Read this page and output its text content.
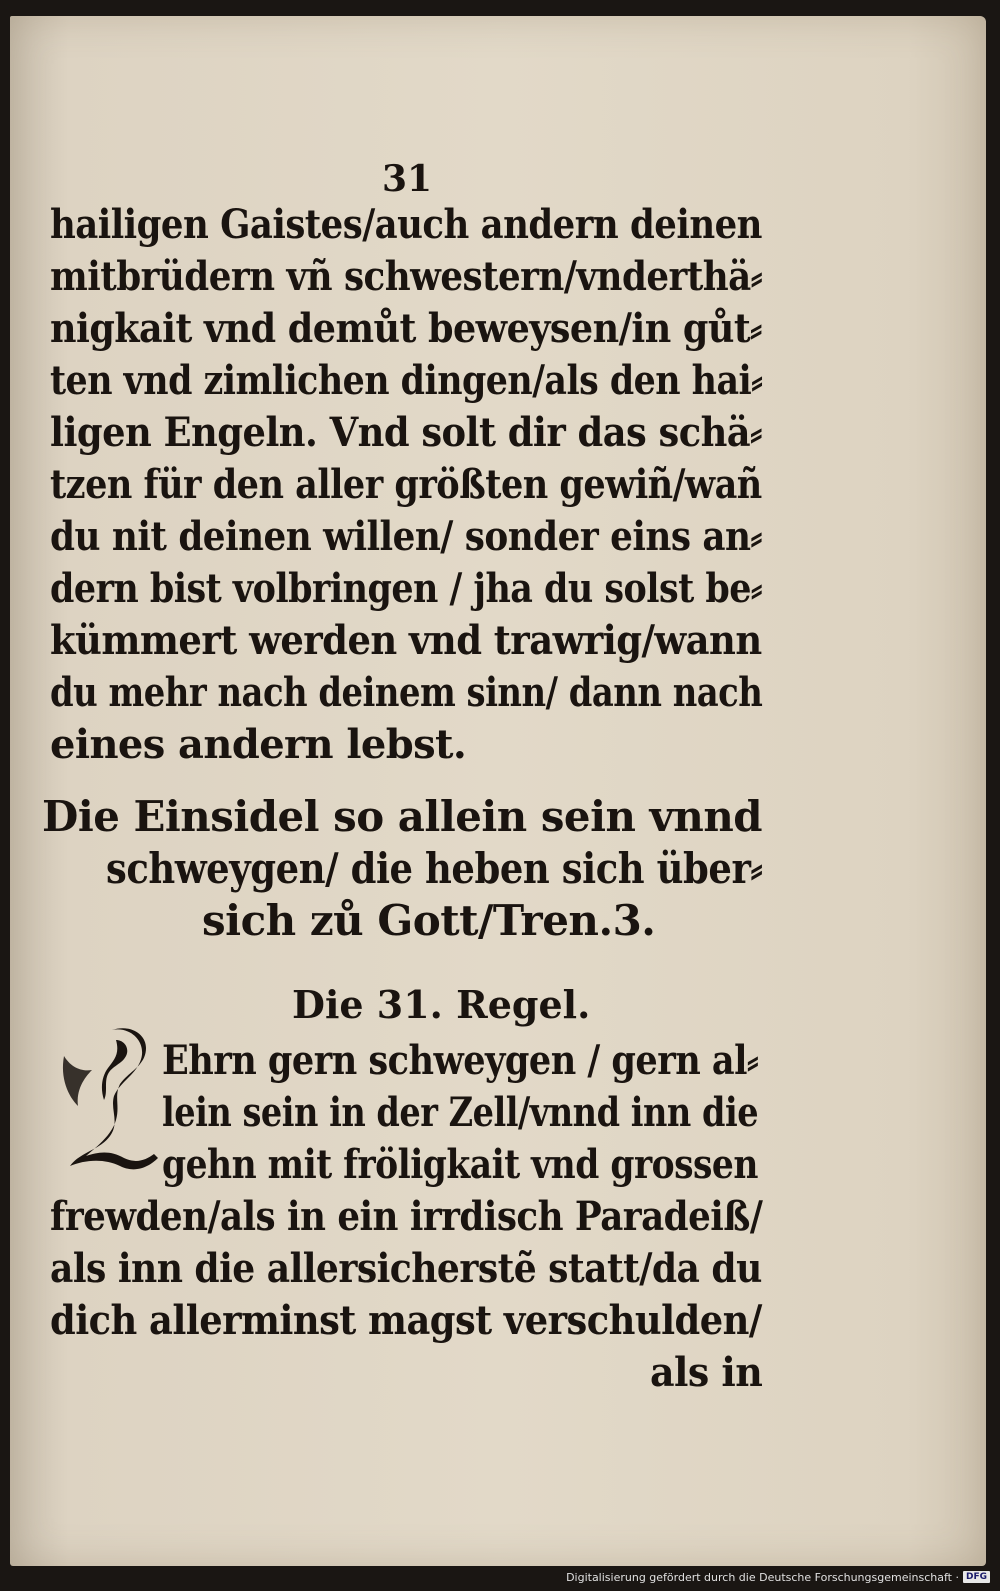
31
hailigen Gaistes/auch andern deinen
mitbrüdern vñ schwestern/vnderthä⸗
nigkait vnd demůt beweysen/in gůt⸗
ten vnd zimlichen dingen/als den hai⸗
ligen Engeln. Vnd solt dir das schä⸗
tzen für den aller größten gewiñ/wañ
du nit deinen willen/ sonder eins an⸗
dern bist volbringen / jha du solst be⸗
kümmert werden vnd trawrig/wann
du mehr nach deinem sinn/ dann nach
eines andern lebst.
Die Einsidel so allein sein vnnd
schweygen/ die heben sich über⸗
sich zů Gott/Tren.3.
Die 31. Regel.
Ehrn gern schweygen / gern al⸗
lein sein in der Zell/vnnd inn die
gehn mit fröligkait vnd grossen
frewden/als in ein irrdisch Paradeiß/
als inn die allersicherstẽ statt/da du
dich allerminst magst verschulden/
als in
Digitalisierung gefördert durch die Deutsche Forschungsgemeinschaft · DFG
